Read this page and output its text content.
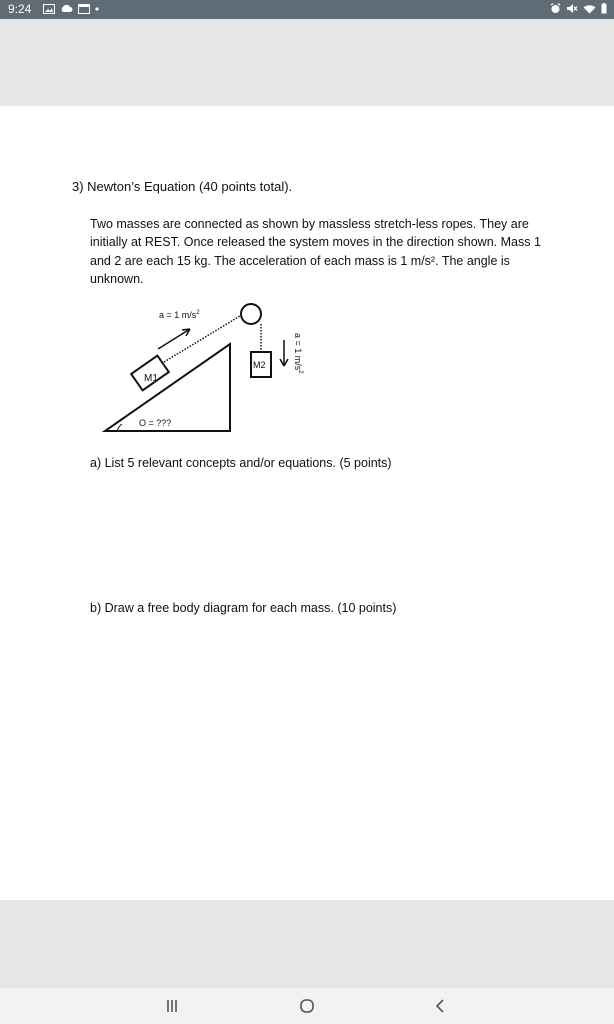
9:24
3) Newton’s Equation (40 points total).
Two masses are connected as shown by massless stretch-less ropes. They are initially at REST. Once released the system moves in the direction shown. Mass 1 and 2 are each 15 kg. The acceleration of each mass is 1 m/s². The angle is unknown.
O = ???
M1
a = 1 $m/s^2$
M2	a = 1 $m/s^2$
a) List 5 relevant concepts and/or equations. (5 points)
b) Draw a free body diagram for each mass. (10 points)
